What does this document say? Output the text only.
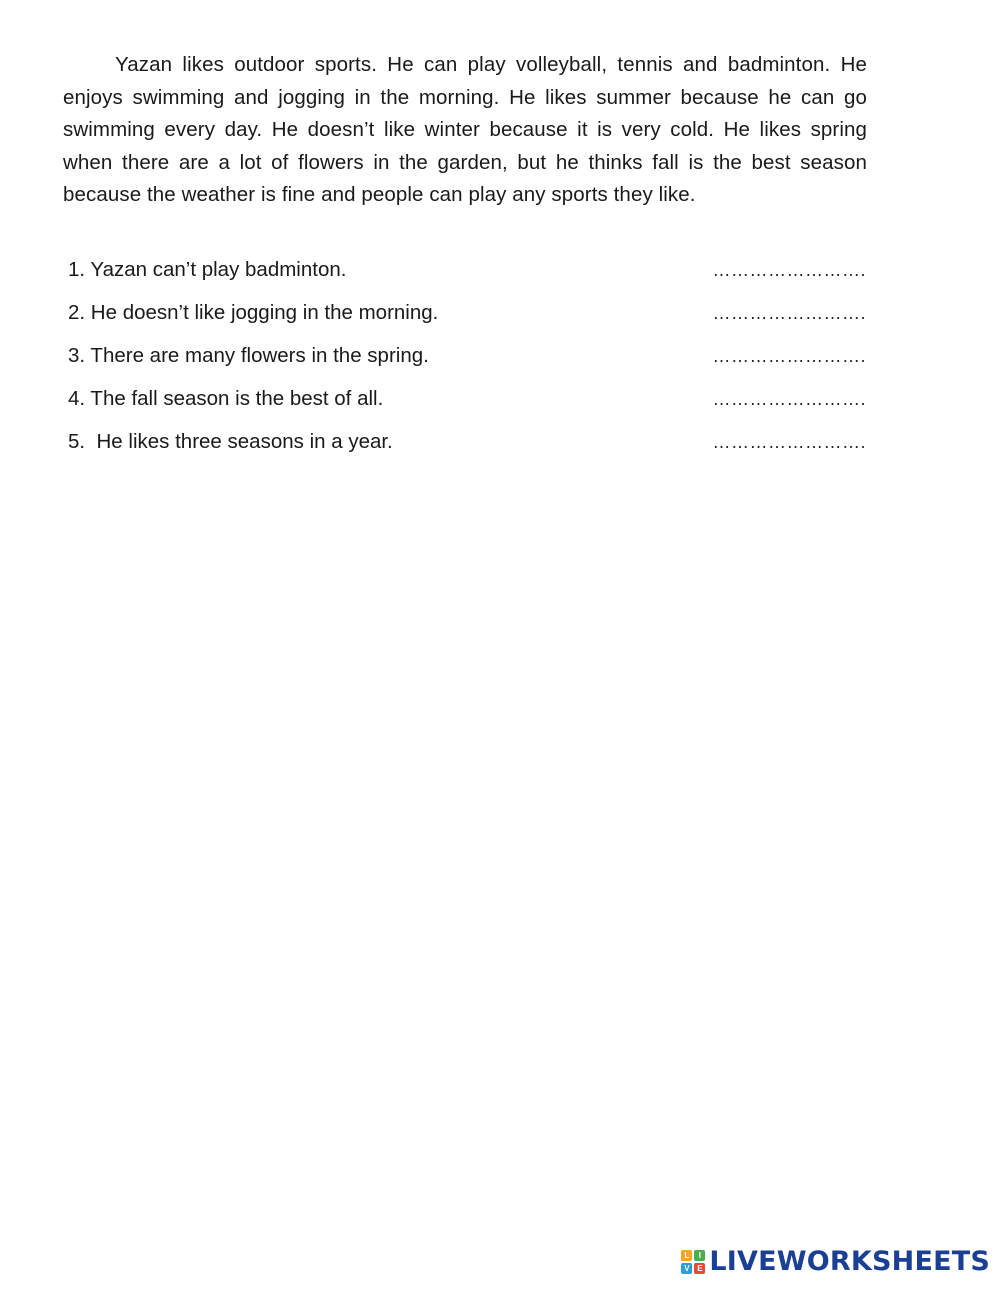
Yazan likes outdoor sports. He can play volleyball, tennis and badminton. He enjoys swimming and jogging in the morning. He likes summer because he can go swimming every day. He doesn’t like winter because it is very cold. He likes spring when there are a lot of flowers in the garden, but he thinks fall is the best season because the weather is fine and people can play any sports they like.

1. Yazan can’t play badminton.	…………………….
2. He doesn’t like jogging in the morning.	…………………….
3. There are many flowers in the spring.	…………………….
4. The fall season is the best of all.	…………………….
5.  He likes three seasons in a year.	…………………….
L	I
V E LIVEWORKSHEETS
